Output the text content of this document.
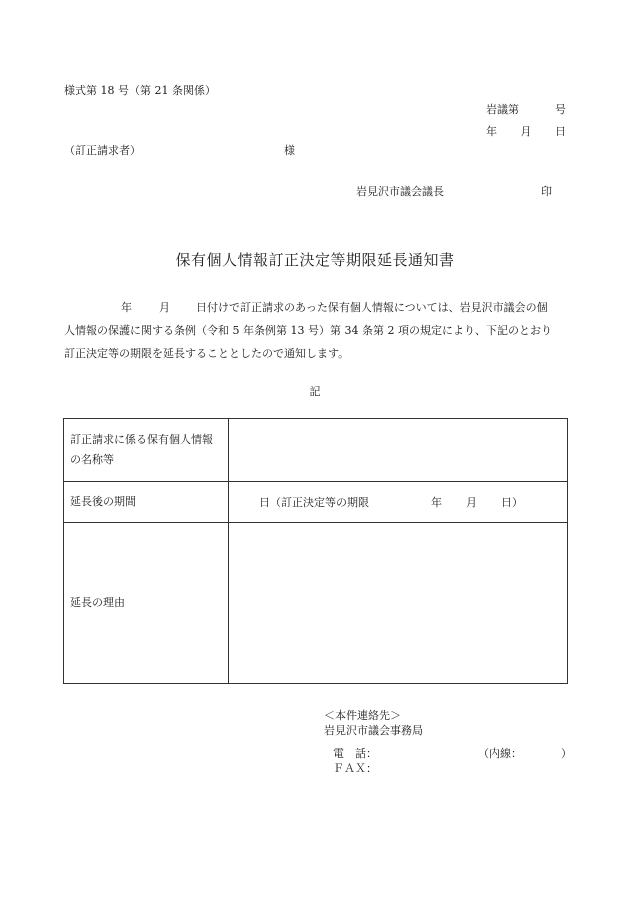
様式第 18 号（第 21 条関係）
岩議第	号
年 月 日
（訂正請求者）	様
岩見沢市議会議長	印
保有個人情報訂正決定等期限延長通知書
年 月 日付けで訂正請求のあった保有個人情報については、岩見沢市議会の個
人情報の保護に関する条例（令和 5 年条例第 13 号）第 34 条第 2 項の規定により、下記のとおり
訂正決定等の期限を延長することとしたので通知します。
記
訂正請求に係る保有個人情報
の名称等	

延長後の期間	日（訂正決定等の期限 年 月 日）

延長の理由	
＜本件連絡先＞
岩見沢市議会事務局
電　話：	（内線：	）
ＦＡＸ：
